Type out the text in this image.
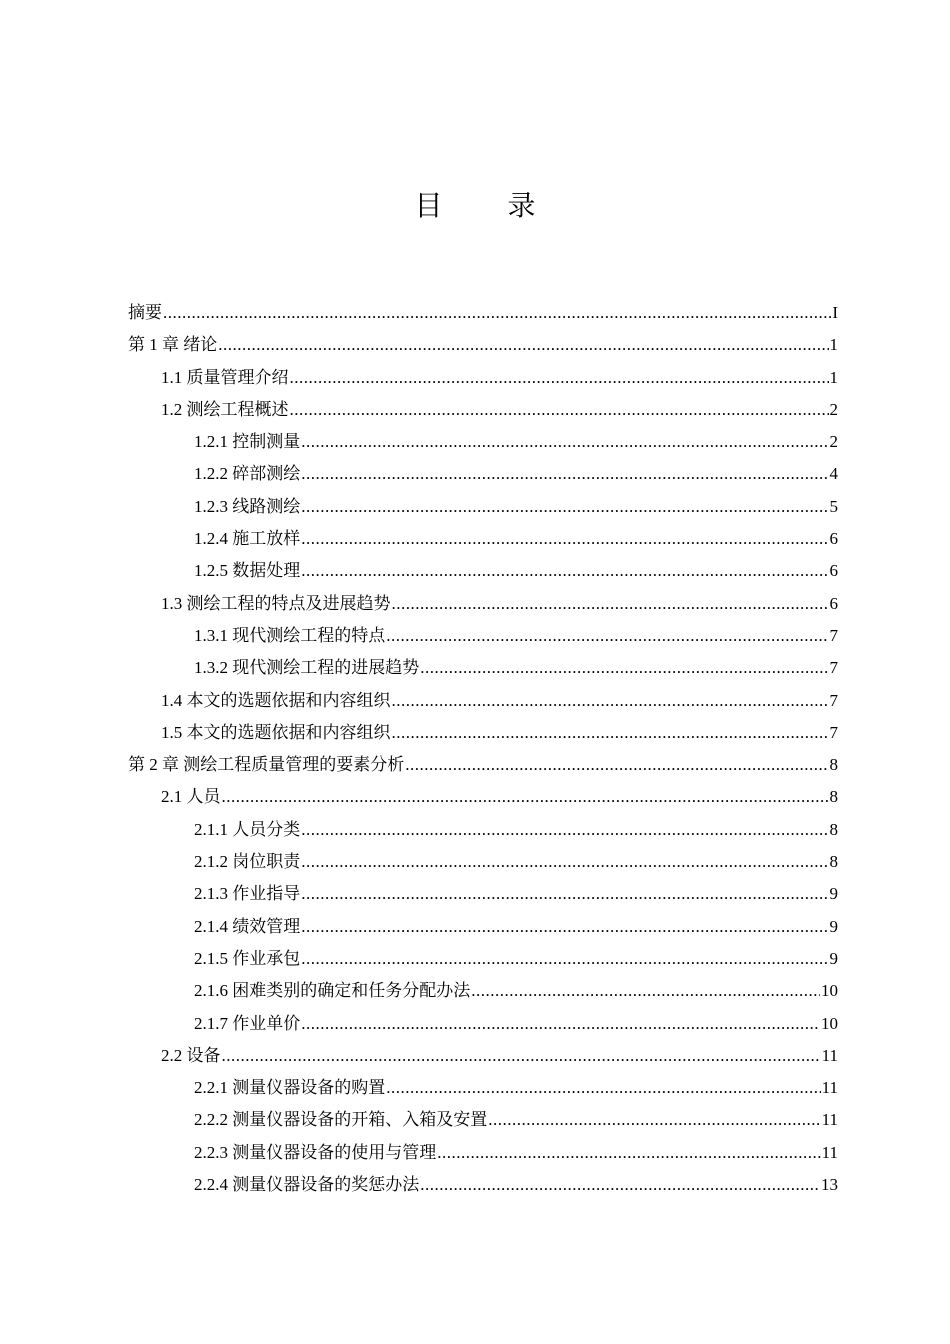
目 录
摘要 .....	I
第 1 章 绪论 .....	1
1.1 质量管理介绍 .....	1
1.2 测绘工程概述 .....	2
1.2.1 控制测量 .....	2
1.2.2 碎部测绘 .....	4
1.2.3 线路测绘 .....	5
1.2.4 施工放样 .....	6
1.2.5 数据处理 .....	6
1.3 测绘工程的特点及进展趋势 .....	6
1.3.1 现代测绘工程的特点 .....	7
1.3.2 现代测绘工程的进展趋势 .....	7
1.4 本文的选题依据和内容组织 .....	7
1.5 本文的选题依据和内容组织 .....	7
第 2 章 测绘工程质量管理的要素分析 .....	8
2.1 人员 .....	8
2.1.1 人员分类 .....	8
2.1.2 岗位职责 .....	8
2.1.3 作业指导 .....	9
2.1.4 绩效管理 .....	9
2.1.5 作业承包 .....	9
2.1.6 困难类别的确定和任务分配办法 .....	10
2.1.7 作业单价 .....	10
2.2 设备 .....	11
2.2.1 测量仪器设备的购置 .....	11
2.2.2 测量仪器设备的开箱、入箱及安置 .....	11
2.2.3 测量仪器设备的使用与管理 .....	11
2.2.4 测量仪器设备的奖惩办法 .....	13
